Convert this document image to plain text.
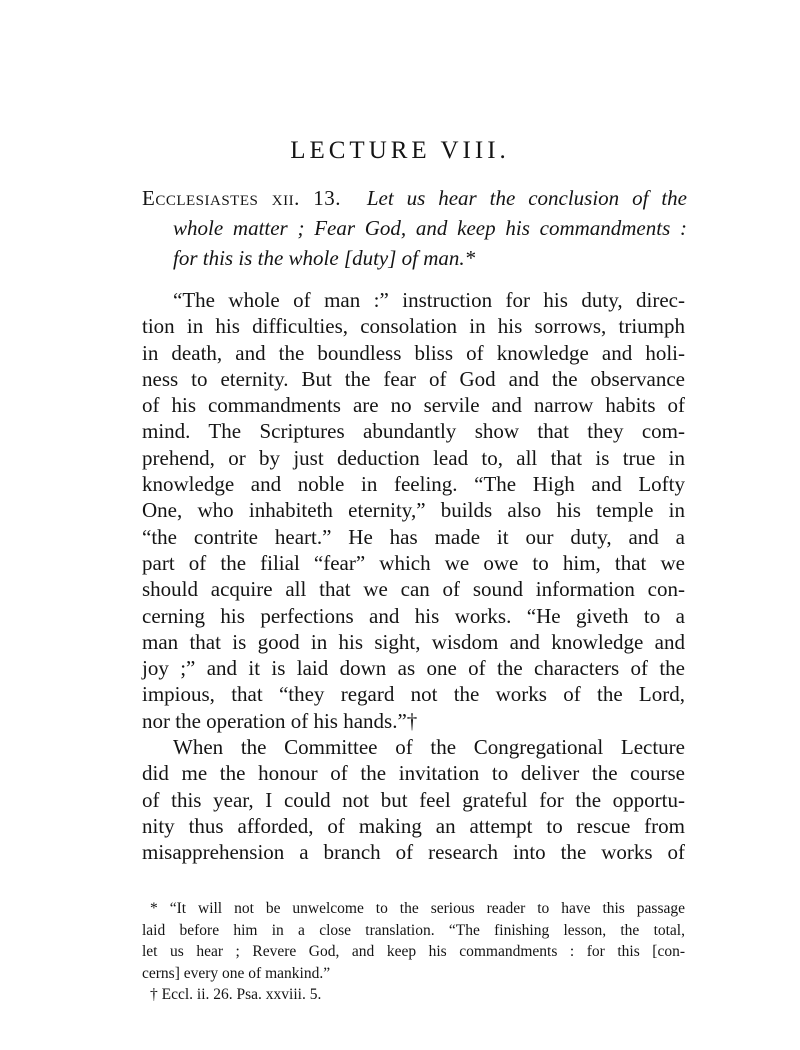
LECTURE VIII.
Ecclesiastes xii. 13. Let us hear the conclusion of the
whole matter ; Fear God, and keep his commandments :
for this is the whole [duty] of man.*

“The whole of man :” instruction for his duty, direc-
tion in his difficulties, consolation in his sorrows, triumph
in death, and the boundless bliss of knowledge and holi-
ness to eternity. But the fear of God and the observance
of his commandments are no servile and narrow habits of
mind. The Scriptures abundantly show that they com-
prehend, or by just deduction lead to, all that is true in
knowledge and noble in feeling. “The High and Lofty
One, who inhabiteth eternity,” builds also his temple in
“the contrite heart.” He has made it our duty, and a
part of the filial “fear” which we owe to him, that we
should acquire all that we can of sound information con-
cerning his perfections and his works. “He giveth to a
man that is good in his sight, wisdom and knowledge and
joy ;” and it is laid down as one of the characters of the
impious, that “they regard not the works of the Lord,
nor the operation of his hands.”†

When the Committee of the Congregational Lecture
did me the honour of the invitation to deliver the course
of this year, I could not but feel grateful for the opportu-
nity thus afforded, of making an attempt to rescue from
misapprehension a branch of research into the works of

* “It will not be unwelcome to the serious reader to have this passage
laid before him in a close translation. “The finishing lesson, the total,
let us hear ; Revere God, and keep his commandments : for this [con-
cerns] every one of mankind.”
† Eccl. ii. 26. Psa. xxviii. 5.
